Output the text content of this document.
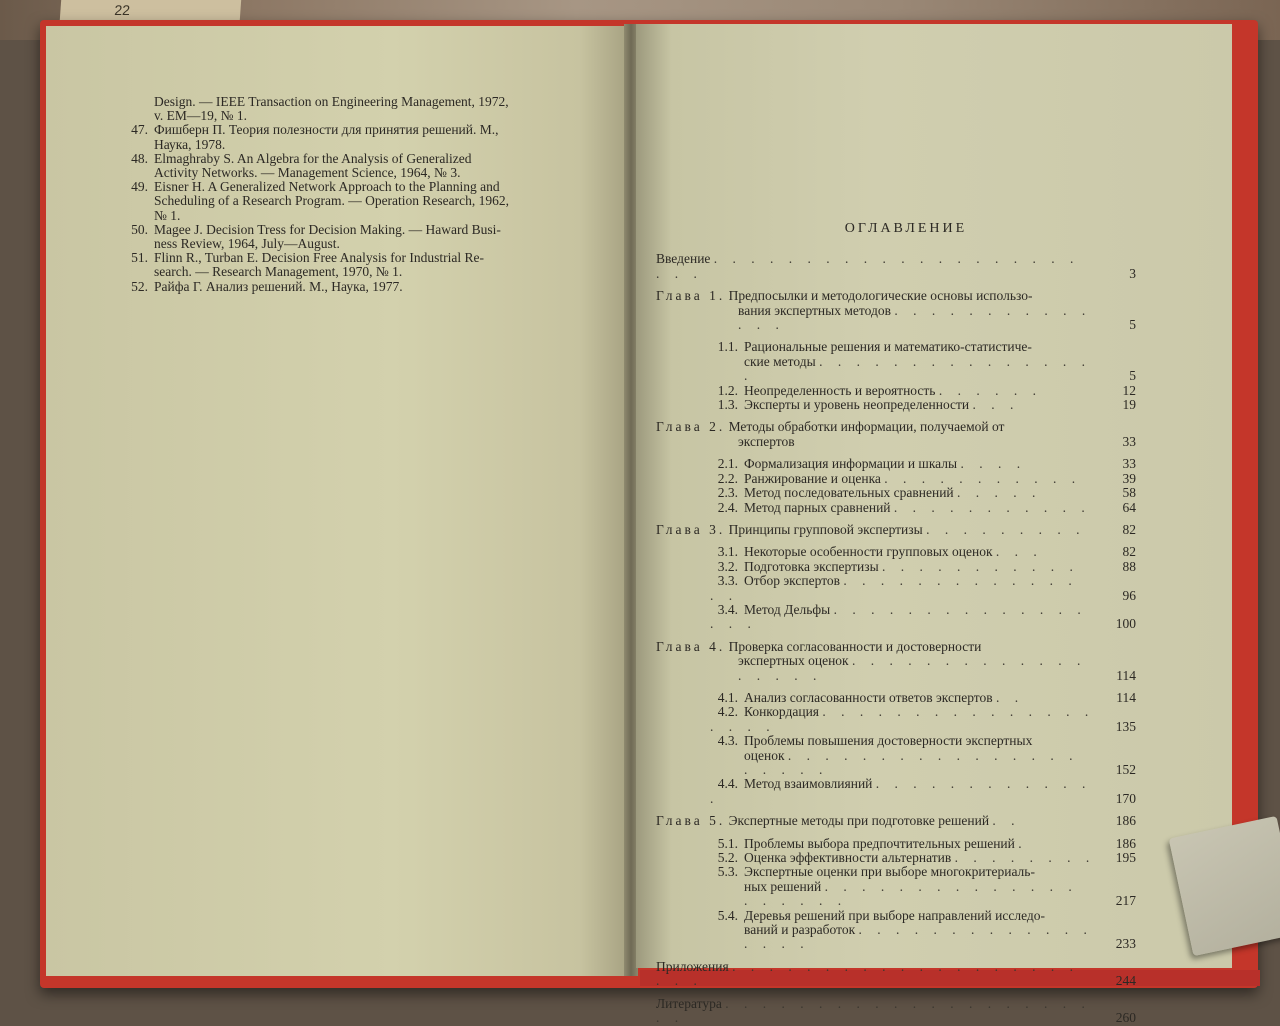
22
Design. — IEEE Transaction on Engineering Management, 1972,
v. EM—19, № 1.
47. Фишберн П. Теория полезности для принятия решений. М.,
Наука, 1978.
48. Elmaghraby S. An Algebra for the Analysis of Generalized
Activity Networks. — Management Science, 1964, № 3.
49. Eisner H. A Generalized Network Approach to the Planning and
Scheduling of a Research Program. — Operation Research, 1962,
№ 1.
50. Magee J. Decision Tress for Decision Making. — Haward Busi-
ness Review, 1964, July—August.
51. Flinn R., Turban E. Decision Free Analysis for Industrial Re-
search. — Research Management, 1970, № 1.
52. Райфа Г. Анализ решений. М., Наука, 1977.
ОГЛАВЛЕНИЕ
Введение . . . . . . . . . . . . . . . . . . . . . . .	3
Глава 1. Предпосылки и методологические основы использо-
вания экспертных методов . . . . . . . . . . . . . .	5
1.1. Рациональные решения и математико-статистиче-
ские методы . . . . . . . . . . . . . . . .	5
1.2. Неопределенность и вероятность . . . . . .	12
1.3. Эксперты и уровень неопределенности . . .	19
Глава 2. Методы обработки информации, получаемой от
экспертов	33
2.1. Формализация информации и шкалы . . . .	33
2.2. Ранжирование и оценка . . . . . . . . . . .	39
2.3. Метод последовательных сравнений . . . . .	58
2.4. Метод парных сравнений . . . . . . . . . . .	64
Глава 3. Принципы групповой экспертизы . . . . . . . . .	82
3.1. Некоторые особенности групповых оценок . . .	82
3.2. Подготовка экспертизы . . . . . . . . . . .	88
3.3. Отбор экспертов . . . . . . . . . . . . . . .	96
3.4. Метод Дельфы . . . . . . . . . . . . . . . . .	100
Глава 4. Проверка согласованности и достоверности
экспертных оценок . . . . . . . . . . . . . . . . . .	114
4.1. Анализ согласованности ответов экспертов . .	114
4.2. Конкордация . . . . . . . . . . . . . . . . . . .	135
4.3. Проблемы повышения достоверности экспертных
оценок . . . . . . . . . . . . . . . . . . . . .	152
4.4. Метод взаимовлияний . . . . . . . . . . . . .	170
Глава 5. Экспертные методы при подготовке решений . .	186
5.1. Проблемы выбора предпочтительных решений .	186
5.2. Оценка эффективности альтернатив . . . . . . . .	195
5.3. Экспертные оценки при выборе многокритериаль-
ных решений . . . . . . . . . . . . . . . . . . . .	217
5.4. Деревья решений при выборе направлений исследо-
ваний и разработок . . . . . . . . . . . . . . . . .	233
Приложения . . . . . . . . . . . . . . . . . . . . . .	244
Литература . . . . . . . . . . . . . . . . . . . . . .	260
